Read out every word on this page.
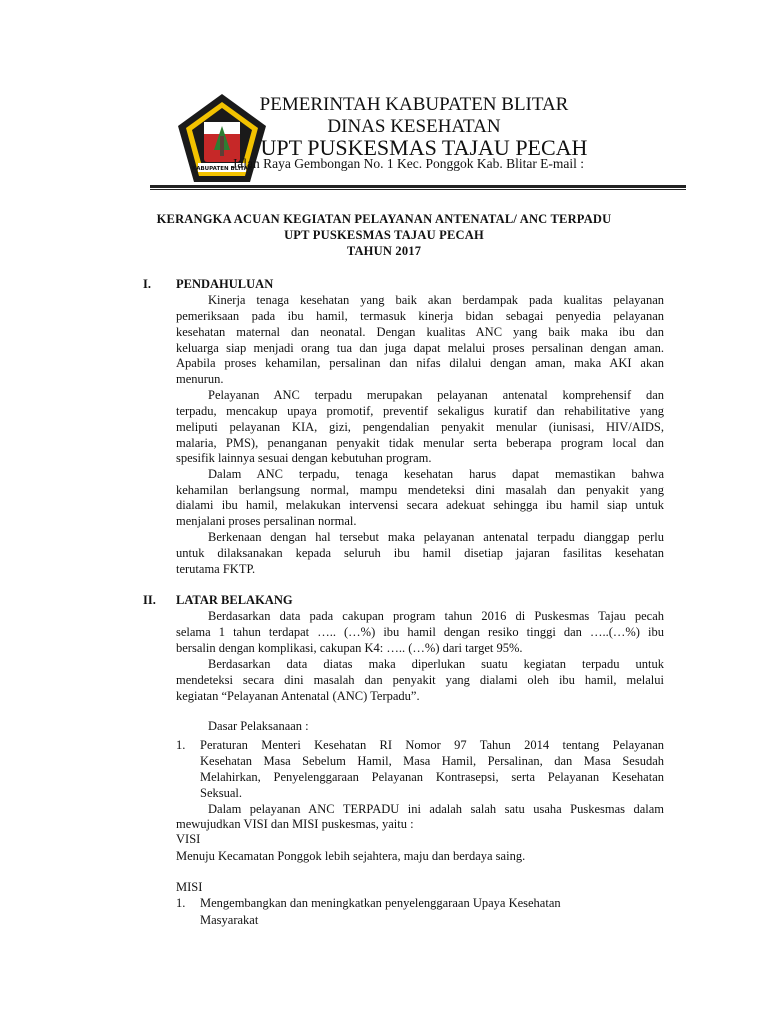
KABUPATEN BLITAR
PEMERINTAH KABUPATEN BLITAR
DINAS KESEHATAN
UPT PUSKESMAS TAJAU PECAH
Jalan Raya Gembongan No. 1 Kec. Ponggok Kab. Blitar E-mail :
KERANGKA ACUAN KEGIATAN PELAYANAN ANTENATAL/ ANC TERPADU
UPT PUSKESMAS TAJAU PECAH
TAHUN 2017
I. PENDAHULUAN
Kinerja tenaga kesehatan yang baik akan berdampak pada kualitas pelayanan
pemeriksaan pada ibu hamil, termasuk kinerja bidan sebagai penyedia pelayanan
kesehatan maternal dan neonatal. Dengan kualitas ANC yang baik maka ibu dan
keluarga siap menjadi orang tua dan juga dapat melalui proses persalinan dengan aman.
Apabila proses kehamilan, persalinan dan nifas dilalui dengan aman, maka AKI akan
menurun.
Pelayanan ANC terpadu merupakan pelayanan antenatal komprehensif dan
terpadu, mencakup upaya promotif, preventif sekaligus kuratif dan rehabilitative yang
meliputi pelayanan KIA, gizi, pengendalian penyakit menular (iunisasi, HIV/AIDS,
malaria, PMS), penanganan penyakit tidak menular serta beberapa program local dan
spesifik lainnya sesuai dengan kebutuhan program.
Dalam ANC terpadu, tenaga kesehatan harus dapat memastikan bahwa
kehamilan berlangsung normal, mampu mendeteksi dini masalah dan penyakit yang
dialami ibu hamil, melakukan intervensi secara adekuat sehingga ibu hamil siap untuk
menjalani proses persalinan normal.
Berkenaan dengan hal tersebut maka pelayanan antenatal terpadu dianggap perlu
untuk dilaksanakan kepada seluruh ibu hamil disetiap jajaran fasilitas kesehatan
terutama FKTP.
II. LATAR BELAKANG
Berdasarkan data pada cakupan program tahun 2016 di Puskesmas Tajau pecah
selama 1 tahun terdapat ….. (…%) ibu hamil dengan resiko tinggi dan …..(…%) ibu
bersalin dengan komplikasi, cakupan K4: ….. (…%) dari target 95%.
Berdasarkan data diatas maka diperlukan suatu kegiatan terpadu untuk
mendeteksi secara dini masalah dan penyakit yang dialami oleh ibu hamil, melalui
kegiatan “Pelayanan Antenatal (ANC) Terpadu”.
Dasar Pelaksanaan :
1. Peraturan Menteri Kesehatan RI Nomor 97 Tahun 2014 tentang Pelayanan
Kesehatan Masa Sebelum Hamil, Masa Hamil, Persalinan, dan Masa Sesudah
Melahirkan, Penyelenggaraan Pelayanan Kontrasepsi, serta Pelayanan Kesehatan
Seksual.
Dalam pelayanan ANC TERPADU ini adalah salah satu usaha Puskesmas dalam
mewujudkan VISI dan MISI puskesmas, yaitu :
VISI
Menuju Kecamatan Ponggok lebih sejahtera, maju dan berdaya saing.
MISI
1. Mengembangkan dan meningkatkan penyelenggaraan Upaya Kesehatan
Masyarakat
